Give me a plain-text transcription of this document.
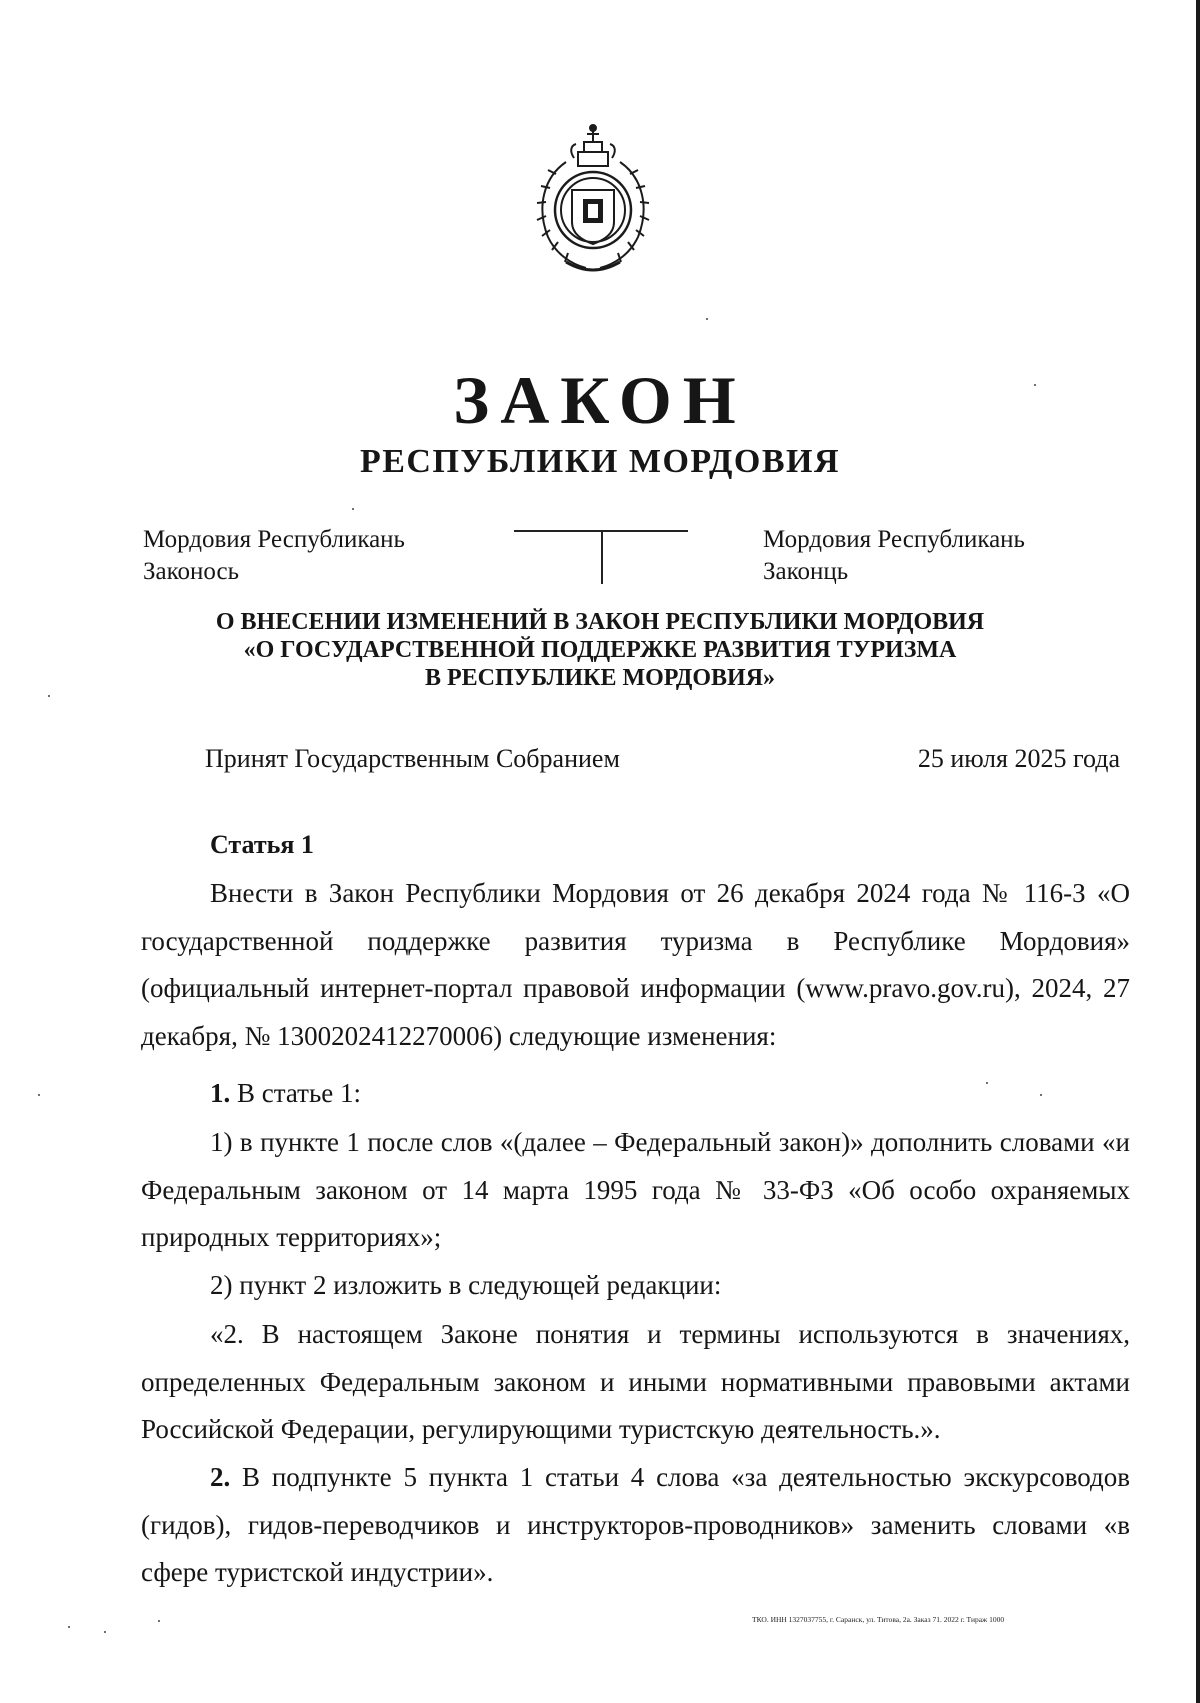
ЗАКОН
РЕСПУБЛИКИ МОРДОВИЯ
Мордовия Республикань
Законось
Мордовия Республикань
Законць
О ВНЕСЕНИИ ИЗМЕНЕНИЙ В ЗАКОН РЕСПУБЛИКИ МОРДОВИЯ
«О ГОСУДАРСТВЕННОЙ ПОДДЕРЖКЕ РАЗВИТИЯ ТУРИЗМА
В РЕСПУБЛИКЕ МОРДОВИЯ»
Принят Государственным Собранием	25 июля 2025 года
Статья 1
Внести в Закон Республики Мордовия от 26 декабря 2024 года № 116-З «О государственной поддержке развития туризма в Республике Мордовия» (официальный интернет-портал правовой информации (www.pravo.gov.ru), 2024, 27 декабря, № 1300202412270006) следующие изменения:
1. В статье 1:
1) в пункте 1 после слов «(далее – Федеральный закон)» дополнить словами «и Федеральным законом от 14 марта 1995 года № 33-ФЗ «Об особо охраняемых природных территориях»;
2) пункт 2 изложить в следующей редакции:
«2. В настоящем Законе понятия и термины используются в значениях, определенных Федеральным законом и иными нормативными правовыми актами Российской Федерации, регулирующими туристскую деятельность.».
2. В подпункте 5 пункта 1 статьи 4 слова «за деятельностью экскурсоводов (гидов), гидов-переводчиков и инструкторов-проводников» заменить словами «в сфере туристской индустрии».
ТКО. ИНН 1327037755, г. Саранск, ул. Титова, 2а. Заказ 71. 2022 г. Тираж 1000
